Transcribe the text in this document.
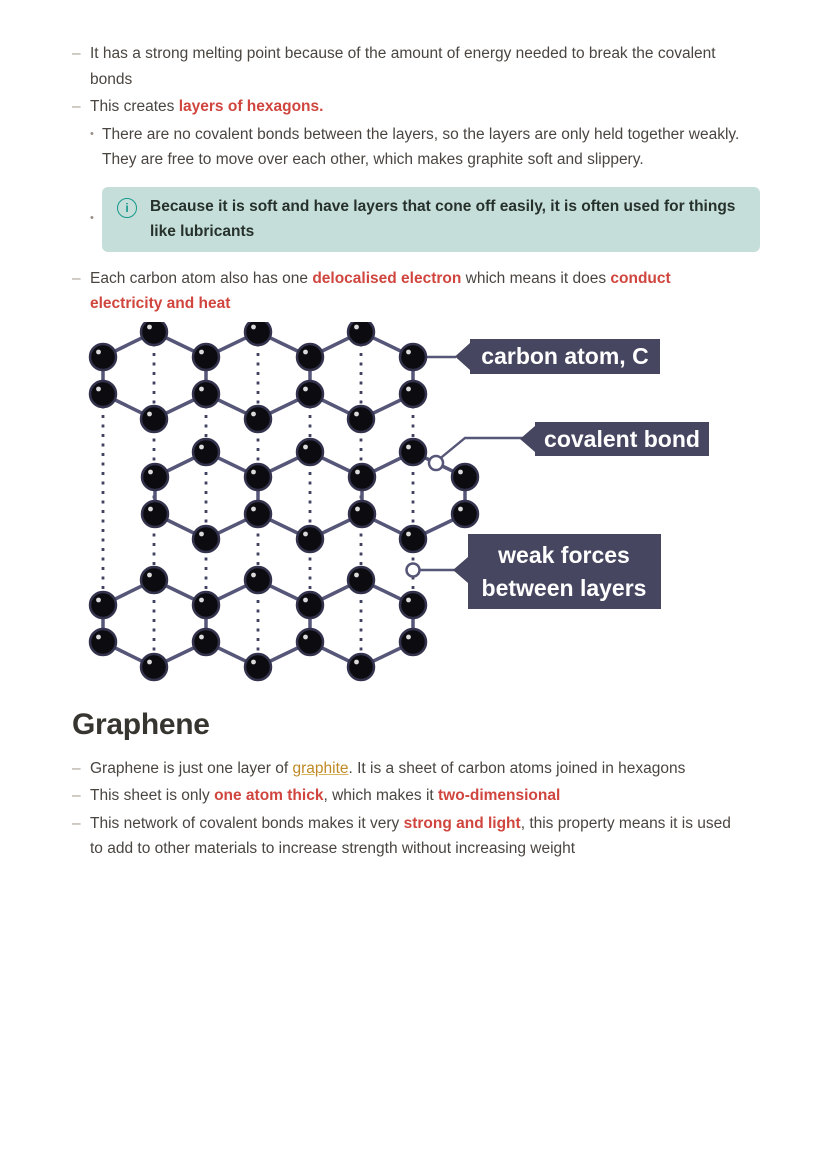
– It has a strong melting point because of the amount of energy needed to break the covalent bonds
– This creates layers of hexagons.
• There are no covalent bonds between the layers, so the layers are only held together weakly. They are free to move over each other, which makes graphite soft and slippery.
•
i	Because it is soft and have layers that cone off easily, it is often used for things like lubricants
– Each carbon atom also has one delocalised electron which means it does conduct electricity and heat
carbon atom, C
covalent bond
weak forces
between layers
Graphene
– Graphene is just one layer of graphite. It is a sheet of carbon atoms joined in hexagons
– This sheet is only one atom thick, which makes it two-dimensional
– This network of covalent bonds makes it very strong and light, this property means it is used to add to other materials to increase strength without increasing weight
